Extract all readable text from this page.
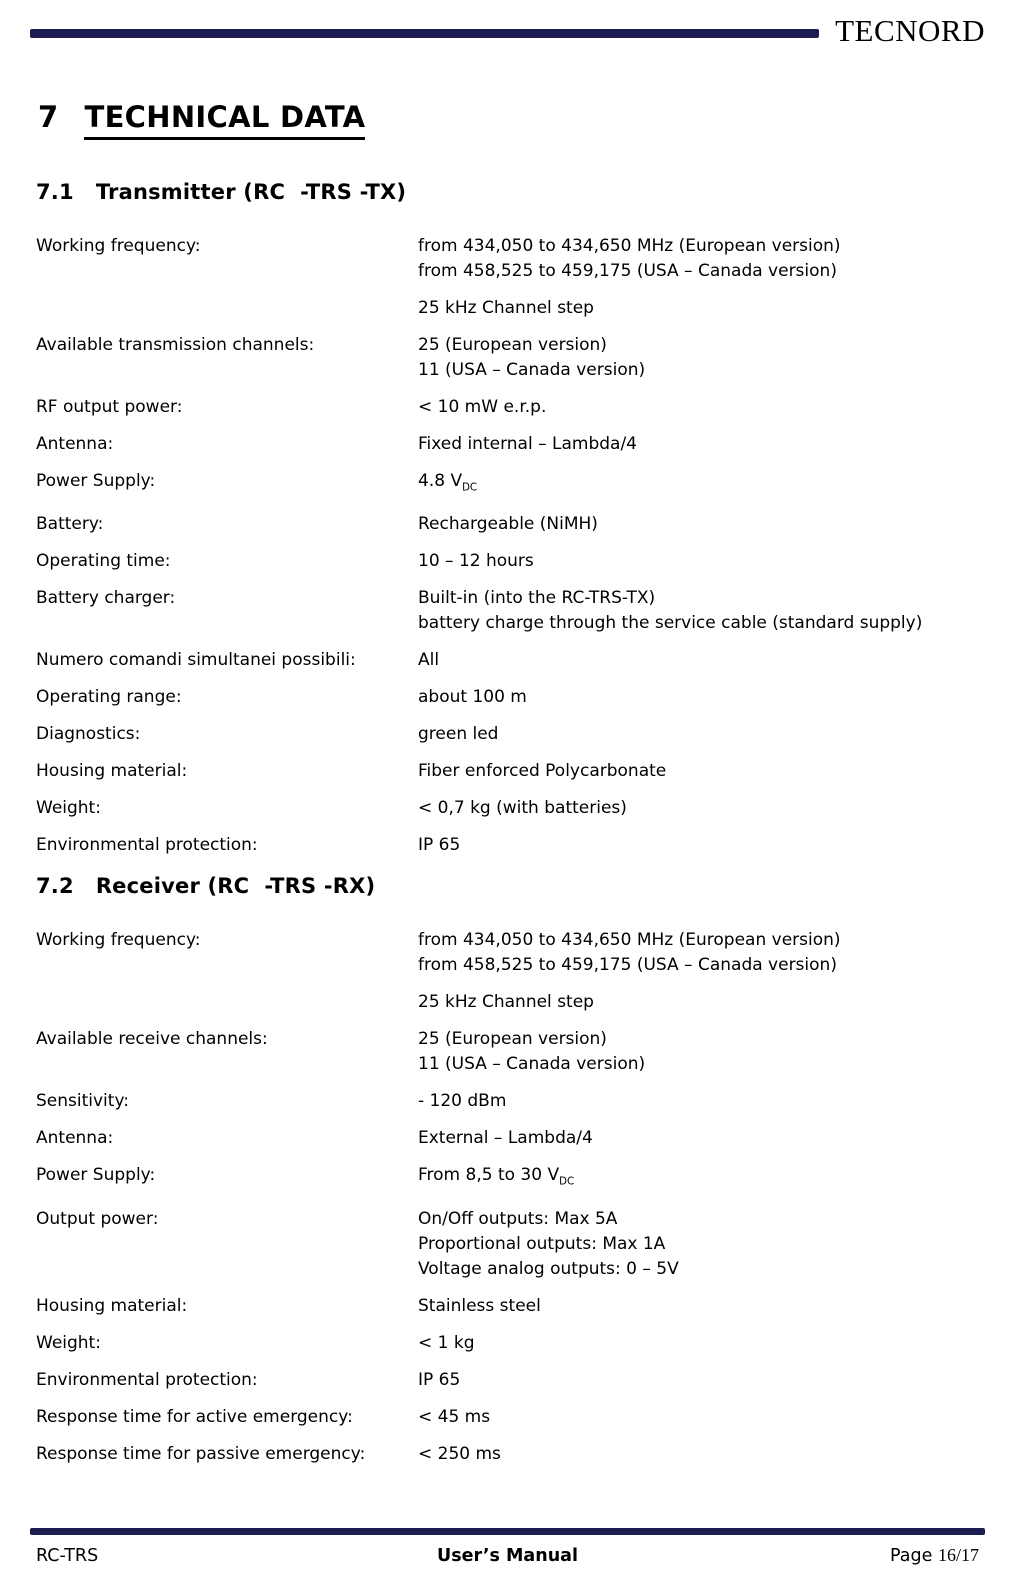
TECNORD
7 TECHNICAL DATA
7.1 Transmitter (RC  -TRS -TX)
Working frequency:	from 434,050 to 434,650 MHz (European version)
from 458,525 to 459,175 (USA – Canada version)
25 kHz Channel step
Available transmission channels:	25 (European version)
11 (USA – Canada version)
RF output power:	< 10 mW e.r.p.
Antenna:	Fixed internal – Lambda/4
Power Supply:	4.8 $V_{DC}$
Battery:	Rechargeable (NiMH)
Operating time:	10 – 12 hours
Battery charger:	Built-in (into the RC-TRS-TX)
battery charge through the service cable (standard supply)
Numero comandi simultanei possibili:	All
Operating range:	about 100 m
Diagnostics:	green led
Housing material:	Fiber enforced Polycarbonate
Weight:	< 0,7 kg (with batteries)
Environmental protection:	IP 65
7.2 Receiver (RC  -TRS -RX)
Working frequency:	from 434,050 to 434,650 MHz (European version)
from 458,525 to 459,175 (USA – Canada version)
25 kHz Channel step
Available receive channels:	25 (European version)
11 (USA – Canada version)
Sensitivity:	- 120 dBm
Antenna:	External – Lambda/4
Power Supply:	From 8,5 to 30 $V_{DC}$
Output power:	On/Off outputs: Max 5A
Proportional outputs: Max 1A
Voltage analog outputs: 0 – 5V
Housing material:	Stainless steel
Weight:	< 1 kg
Environmental protection:	IP 65
Response time for active emergency:	< 45 ms
Response time for passive emergency:	< 250 ms
RC-TRS	User’s Manual	Page 16/17
